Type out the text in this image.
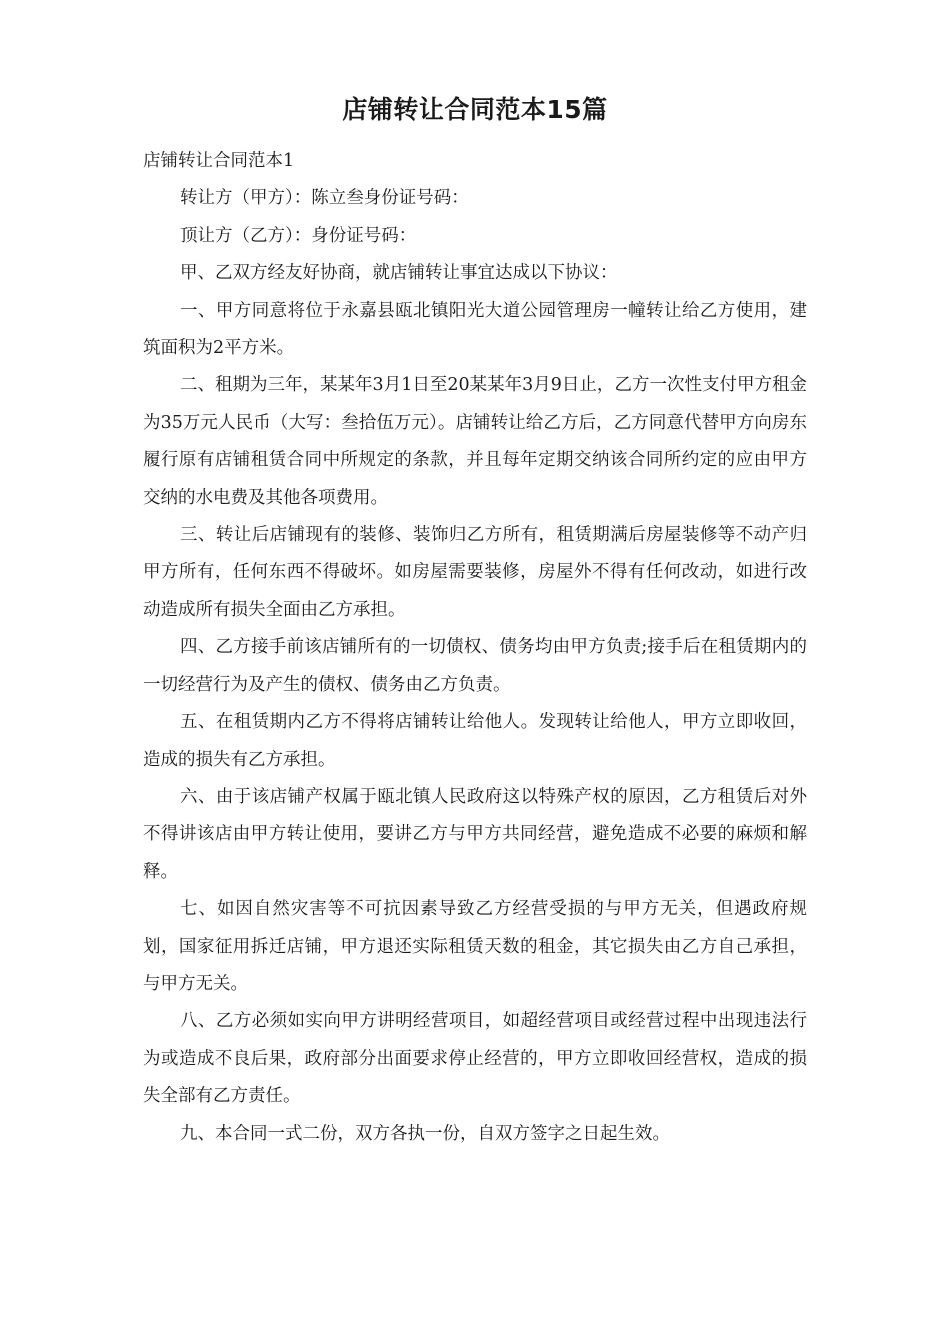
店铺转让合同范本15篇

店铺转让合同范本1

转让方（甲方）：陈立叁身份证号码：

顶让方（乙方）：身份证号码：

甲、乙双方经友好协商，就店铺转让事宜达成以下协议：

一、甲方同意将位于永嘉县瓯北镇阳光大道公园管理房一幢转让给乙方使用，建筑面积为2平方米。

二、租期为三年，某某年3月1日至20某某年3月9日止，乙方一次性支付甲方租金为35万元人民币（大写：叁拾伍万元）。店铺转让给乙方后，乙方同意代替甲方向房东履行原有店铺租赁合同中所规定的条款，并且每年定期交纳该合同所约定的应由甲方交纳的水电费及其他各项费用。

三、转让后店铺现有的装修、装饰归乙方所有，租赁期满后房屋装修等不动产归甲方所有，任何东西不得破坏。如房屋需要装修，房屋外不得有任何改动，如进行改动造成所有损失全面由乙方承担。

四、乙方接手前该店铺所有的一切债权、债务均由甲方负责;接手后在租赁期内的一切经营行为及产生的债权、债务由乙方负责。

五、在租赁期内乙方不得将店铺转让给他人。发现转让给他人，甲方立即收回，造成的损失有乙方承担。

六、由于该店铺产权属于瓯北镇人民政府这以特殊产权的原因，乙方租赁后对外不得讲该店由甲方转让使用，要讲乙方与甲方共同经营，避免造成不必要的麻烦和解释。

七、如因自然灾害等不可抗因素导致乙方经营受损的与甲方无关，但遇政府规划，国家征用拆迁店铺，甲方退还实际租赁天数的租金，其它损失由乙方自己承担，与甲方无关。

八、乙方必须如实向甲方讲明经营项目，如超经营项目或经营过程中出现违法行为或造成不良后果，政府部分出面要求停止经营的，甲方立即收回经营权，造成的损失全部有乙方责任。

九、本合同一式二份，双方各执一份，自双方签字之日起生效。
